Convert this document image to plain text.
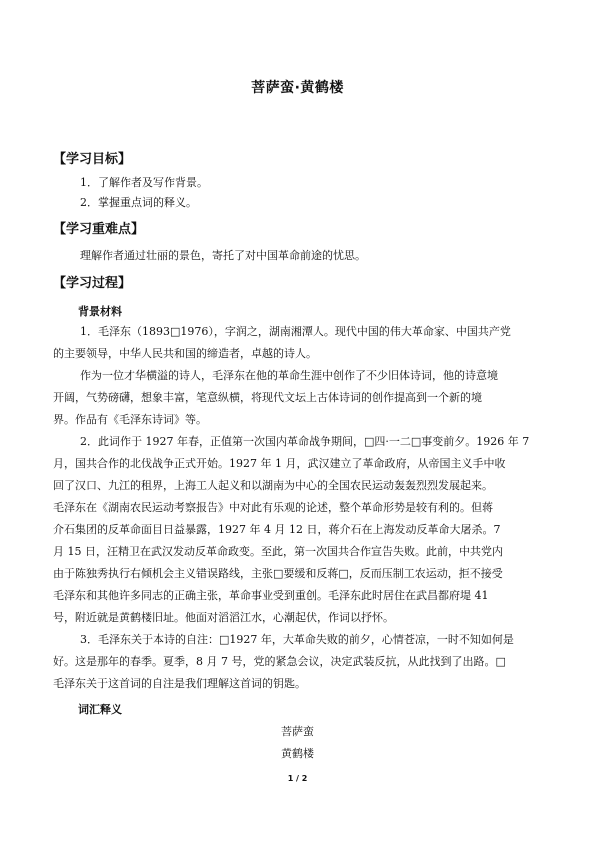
菩萨蛮·黄鹤楼
【学习目标】
1．了解作者及写作背景。
2．掌握重点词的释义。
【学习重难点】
理解作者通过壮丽的景色，寄托了对中国革命前途的忧思。
【学习过程】
背景材料
1．毛泽东（1893□1976），字润之，湖南湘潭人。现代中国的伟大革命家、中国共产党
的主要领导，中华人民共和国的缔造者，卓越的诗人。
作为一位才华横溢的诗人，毛泽东在他的革命生涯中创作了不少旧体诗词，他的诗意境
开阔，气势磅礴，想象丰富，笔意纵横，将现代文坛上古体诗词的创作提高到一个新的境
界。作品有《毛泽东诗词》等。
2．此词作于 1927 年春，正值第一次国内革命战争期间，□四·一二□事变前夕。1926 年 7
月，国共合作的北伐战争正式开始。1927 年 1 月，武汉建立了革命政府，从帝国主义手中收
回了汉口、九江的租界，上海工人起义和以湖南为中心的全国农民运动轰轰烈烈发展起来。
毛泽东在《湖南农民运动考察报告》中对此有乐观的论述，整个革命形势是较有利的。但蒋
介石集团的反革命面目日益暴露，1927 年 4 月 12 日，蒋介石在上海发动反革命大屠杀。7
月 15 日，汪精卫在武汉发动反革命政变。至此，第一次国共合作宣告失败。此前，中共党内
由于陈独秀执行右倾机会主义错误路线，主张□要缓和反蒋□，反而压制工农运动，拒不接受
毛泽东和其他许多同志的正确主张，革命事业受到重创。毛泽东此时居住在武昌都府堤 41
号，附近就是黄鹤楼旧址。他面对滔滔江水，心潮起伏，作词以抒怀。
3．毛泽东关于本诗的自注：□1927 年，大革命失败的前夕，心情苍凉，一时不知如何是
好。这是那年的春季。夏季，8 月 7 号，党的紧急会议，决定武装反抗，从此找到了出路。□
毛泽东关于这首词的自注是我们理解这首词的钥匙。
词汇释义
菩萨蛮
黄鹤楼
1 / 2
